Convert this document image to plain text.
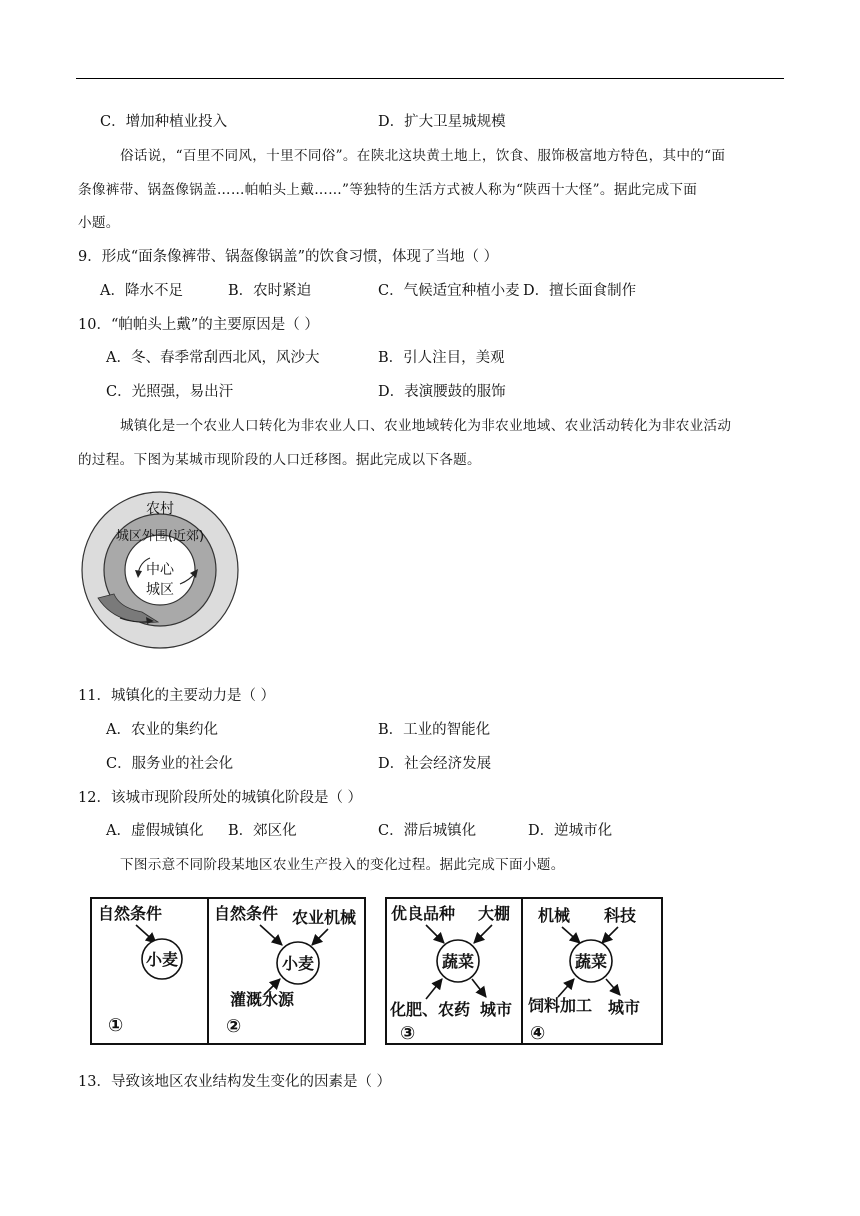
C．增加种植业投入	D．扩大卫星城规模
俗话说，“百里不同风，十里不同俗”。在陕北这块黄土地上，饮食、服饰极富地方特色，其中的“面
条像裤带、锅盔像锅盖……帕帕头上戴……”等独特的生活方式被人称为“陕西十大怪”。据此完成下面
小题。
9．形成“面条像裤带、锅盔像锅盖”的饮食习惯，体现了当地（ ）
A．降水不足	B．农时紧迫	C．气候适宜种植小麦 D．擅长面食制作
10．“帕帕头上戴”的主要原因是（ ）
A．冬、春季常刮西北风，风沙大	B．引人注目，美观
C．光照强，易出汗	D．表演腰鼓的服饰
城镇化是一个农业人口转化为非农业人口、农业地域转化为非农业地域、农业活动转化为非农业活动
的过程。下图为某城市现阶段的人口迁移图。据此完成以下各题。
农村
城区外围(近郊)
中心
城区
11．城镇化的主要动力是（ ）
A．农业的集约化	B．工业的智能化
C．服务业的社会化	D．社会经济发展
12．该城市现阶段所处的城镇化阶段是（ ）
A．虚假城镇化 B．郊区化	C．滞后城镇化	D．逆城市化
下图示意不同阶段某地区农业生产投入的变化过程。据此完成下面小题。
自然条件
小麦
①
自然条件 农业机械
小麦
灌溉水源
②
优良品种 大棚
蔬菜
化肥、农药 城市
③
机械 科技
蔬菜
饲料加工 城市
④
13．导致该地区农业结构发生变化的因素是（ ）
